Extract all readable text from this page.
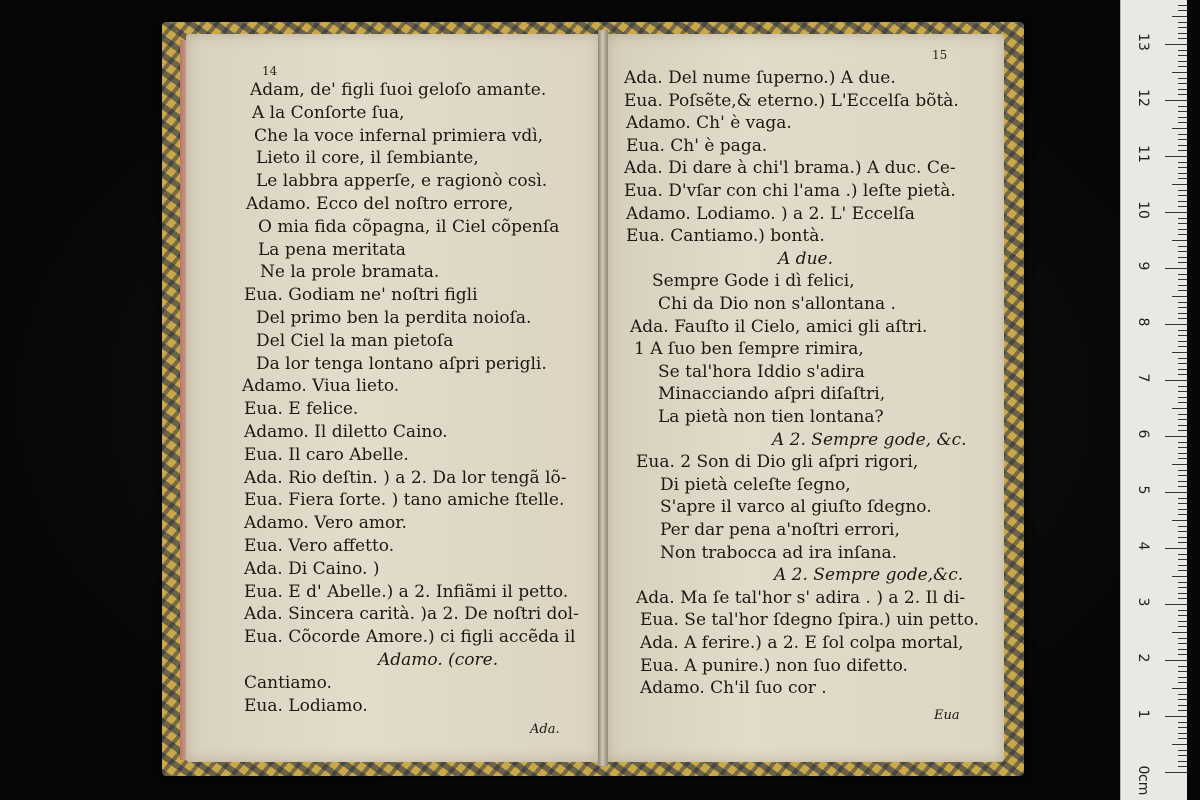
14
15
Adam, de' figli ſuoi geloſo amante.
A la Conſorte ſua,
Che la voce infernal primiera vdì,
Lieto il core, il ſembiante,
Le labbra apperſe, e ragionò così.
Adamo. Ecco del noſtro errore,
O mia fida cõpagna, il Ciel cõpenſa
La pena meritata
Ne la prole bramata.
Eua. Godiam ne' noſtri figli
Del primo ben la perdita noioſa.
Del Ciel la man pietoſa
Da lor tenga lontano aſpri perigli.
Adamo. Viua lieto.
Eua. E felice.
Adamo. Il diletto Caino.
Eua. Il caro Abelle.
Ada. Rio deſtin. ) a 2. Da lor tengã lõ-
Eua. Fiera ſorte. ) tano amiche ſtelle.
Adamo. Vero amor.
Eua. Vero affetto.
Ada. Di Caino. )
Eua. E d' Abelle.) a 2. Infiãmi il petto.
Ada. Sincera carità. )a 2. De noſtri dol-
Eua. Cõcorde Amore.) ci figli accẽda il
Adamo. (core.
Cantiamo.
Eua. Lodiamo.
Ada. Del nume ſuperno.) A due.
Eua. Poſsẽte,& eterno.) L'Eccelſa bõtà.
Adamo. Ch' è vaga.
Eua. Ch' è paga.
Ada. Di dare à chi'l brama.) A duc. Ce-
Eua. D'vſar con chi l'ama .) leſte pietà.
Adamo. Lodiamo. ) a 2. L' Eccelſa
Eua. Cantiamo.) bontà.
A due.
Sempre Gode i dì felici,
Chi da Dio non s'allontana .
Ada. Fauſto il Cielo, amici gli aſtri.
1 A ſuo ben ſempre rimira,
Se tal'hora Iddio s'adira
Minacciando aſpri diſaſtri,
La pietà non tien lontana?
A 2. Sempre gode, &c.
Eua. 2 Son di Dio gli aſpri rigori,
Di pietà celeſte ſegno,
S'apre il varco al giuſto ſdegno.
Per dar pena a'noſtri errori,
Non trabocca ad ira inſana.
A 2. Sempre gode,&c.
Ada. Ma ſe tal'hor s' adira . ) a 2. Il di-
Eua. Se tal'hor ſdegno ſpira.) uin petto.
Ada. A ferire.) a 2. E ſol colpa mortal,
Eua. A punire.) non ſuo difetto.
Adamo. Ch'il ſuo cor .
Ada.
Eua
0
1
2
3
4
5
6
7
8
9
10
11
12
13
cm
